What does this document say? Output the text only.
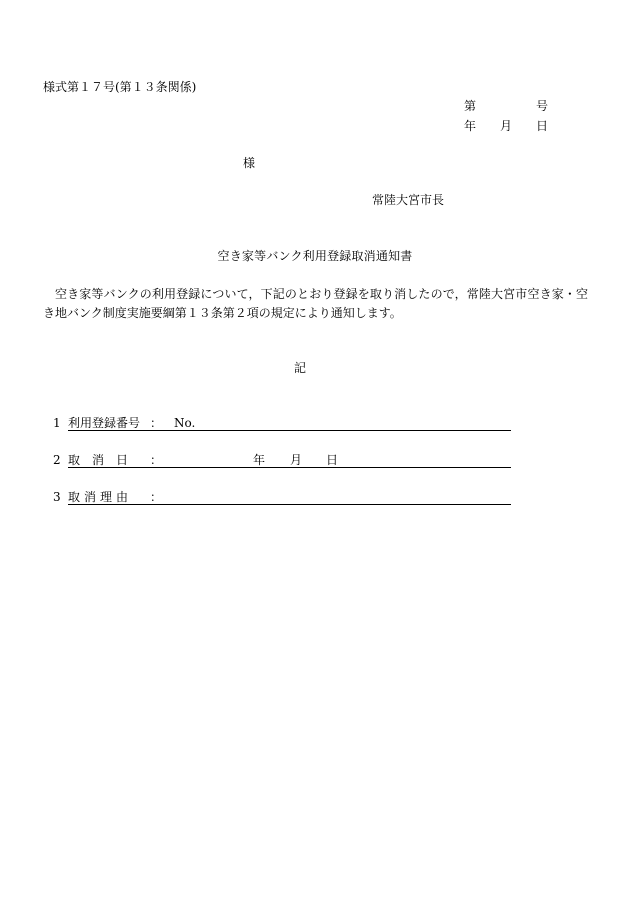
様式第１７号(第１３条関係)
第	号
年 月 日
様
常陸大宮市長
空き家等バンク利用登録取消通知書
空き家等バンクの利用登録について，下記のとおり登録を取り消したので，常陸大宮市空き家・空き地バンク制度実施要綱第１３条第２項の規定により通知します。
記
1 利用登録番号 ： No.
2 取消日 ：	年 月 日
3 取消理由 ：
